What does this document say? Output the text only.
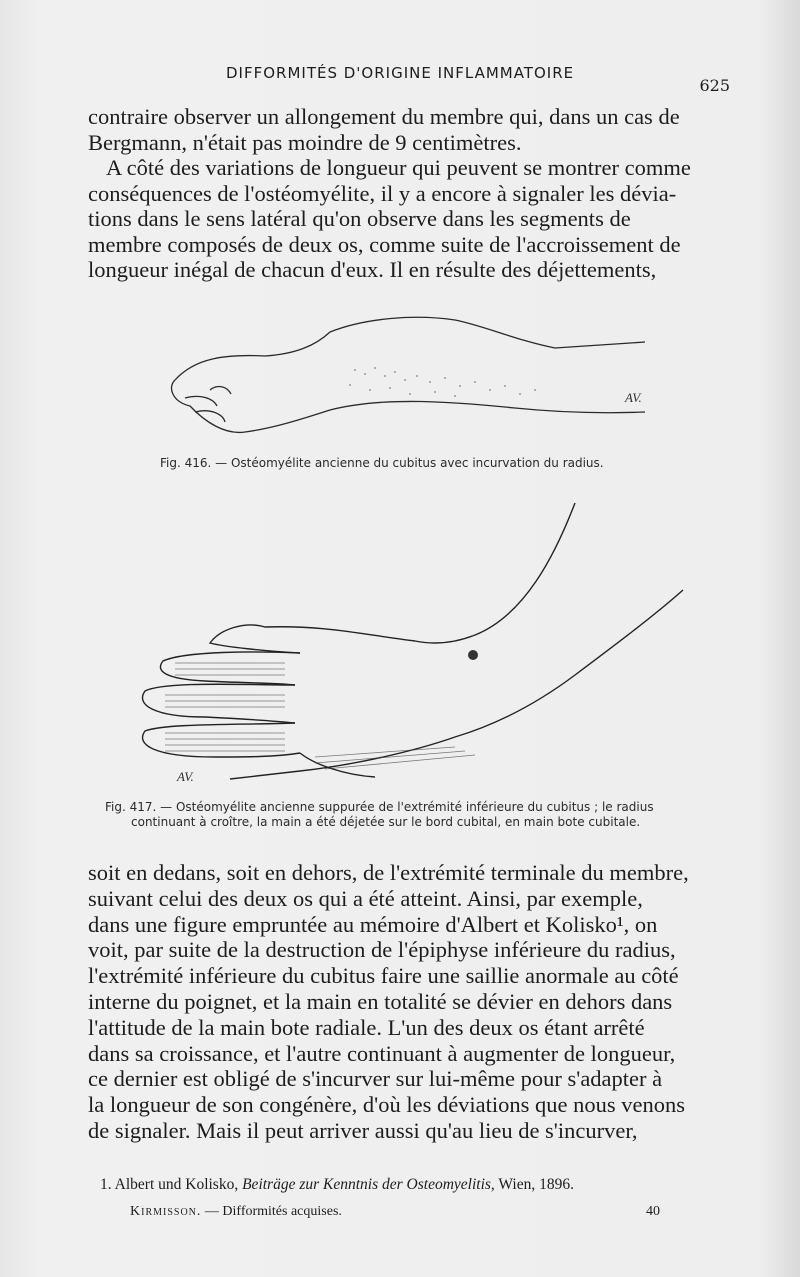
DIFFORMITÉS D'ORIGINE INFLAMMATOIRE
625
contraire observer un allongement du membre qui, dans un cas de
Bergmann, n'était pas moindre de 9 centimètres.
A côté des variations de longueur qui peuvent se montrer comme
conséquences de l'ostéomyélite, il y a encore à signaler les dévia-
tions dans le sens latéral qu'on observe dans les segments de
membre composés de deux os, comme suite de l'accroissement de
longueur inégal de chacun d'eux. Il en résulte des déjettements,
AV.
Fig. 416. — Ostéomyélite ancienne du cubitus avec incurvation du radius.
AV.
Fig. 417. — Ostéomyélite ancienne suppurée de l'extrémité inférieure du cubitus ; le radius
continuant à croître, la main a été déjetée sur le bord cubital, en main bote cubitale.
soit en dedans, soit en dehors, de l'extrémité terminale du membre,
suivant celui des deux os qui a été atteint. Ainsi, par exemple,
dans une figure empruntée au mémoire d'Albert et Kolisko¹, on
voit, par suite de la destruction de l'épiphyse inférieure du radius,
l'extrémité inférieure du cubitus faire une saillie anormale au côté
interne du poignet, et la main en totalité se dévier en dehors dans
l'attitude de la main bote radiale. L'un des deux os étant arrêté
dans sa croissance, et l'autre continuant à augmenter de longueur,
ce dernier est obligé de s'incurver sur lui-même pour s'adapter à
la longueur de son congénère, d'où les déviations que nous venons
de signaler. Mais il peut arriver aussi qu'au lieu de s'incurver,
1. Albert und Kolisko, Beiträge zur Kenntnis der Osteomyelitis, Wien, 1896.
Kirmisson. — Difformités acquises.	40
